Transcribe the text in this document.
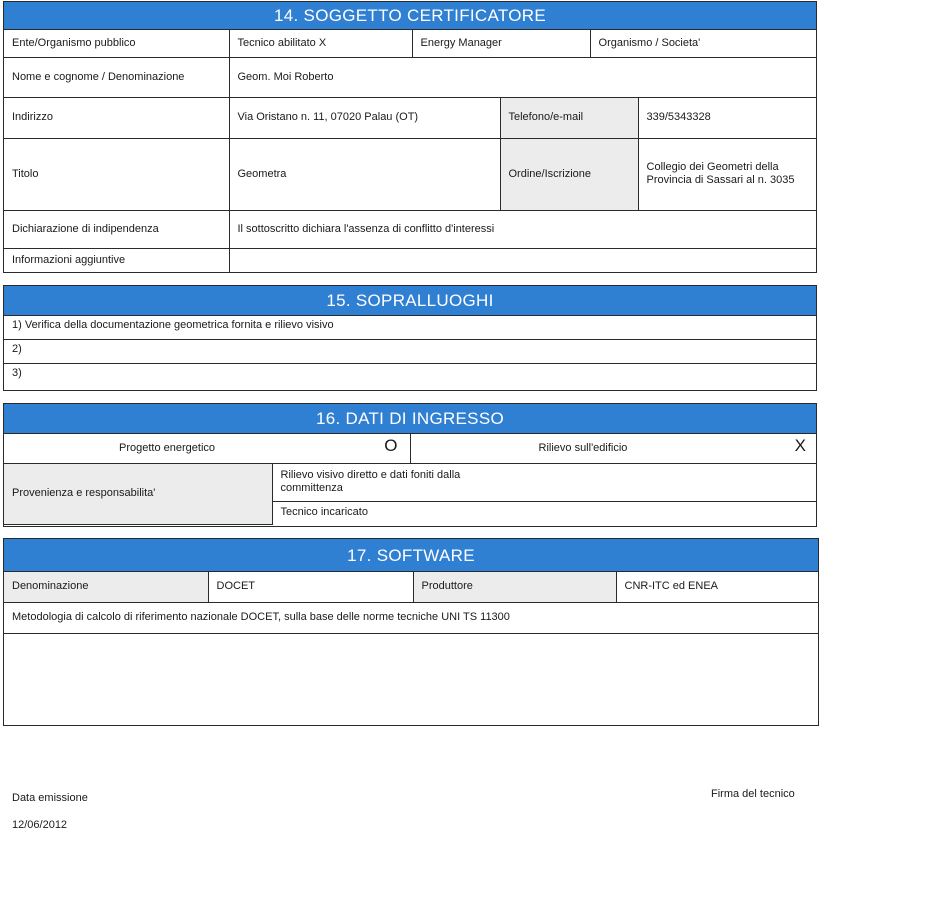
14. SOGGETTO CERTIFICATORE
Ente/Organismo pubblico	Tecnico abilitato X	Energy Manager		Organismo / Societa'	
Nome e cognome / Denominazione	Geom. Moi Roberto				
Indirizzo	Via Oristano n. 11, 07020 Palau (OT)		Telefono/e-mail		339/5343328
Titolo	Geometra		Ordine/Iscrizione		Collegio dei Geometri della Provincia di Sassari al n. 3035
Dichiarazione di indipendenza	Il sottoscritto dichiara l'assenza di conflitto d'interessi				
Informazioni aggiuntive					
15. SOPRALLUOGHI
1) Verifica della documentazione geometrica fornita e rilievo visivo
2)
3)
16. DATI DI INGRESSO
Progetto energetico O		Rilievo sull'edificio X

Provenienza e responsabilita'	Rilievo visivo diretto e dati foniti dalla committenza	
	Tecnico incaricato	
17. SOFTWARE
Denominazione	DOCET	Produttore	CNR-ITC ed ENEA
Metodologia di calcolo di riferimento nazionale DOCET, sulla base delle norme tecniche UNI TS 11300

Data emissione
12/06/2012
Firma del tecnico
